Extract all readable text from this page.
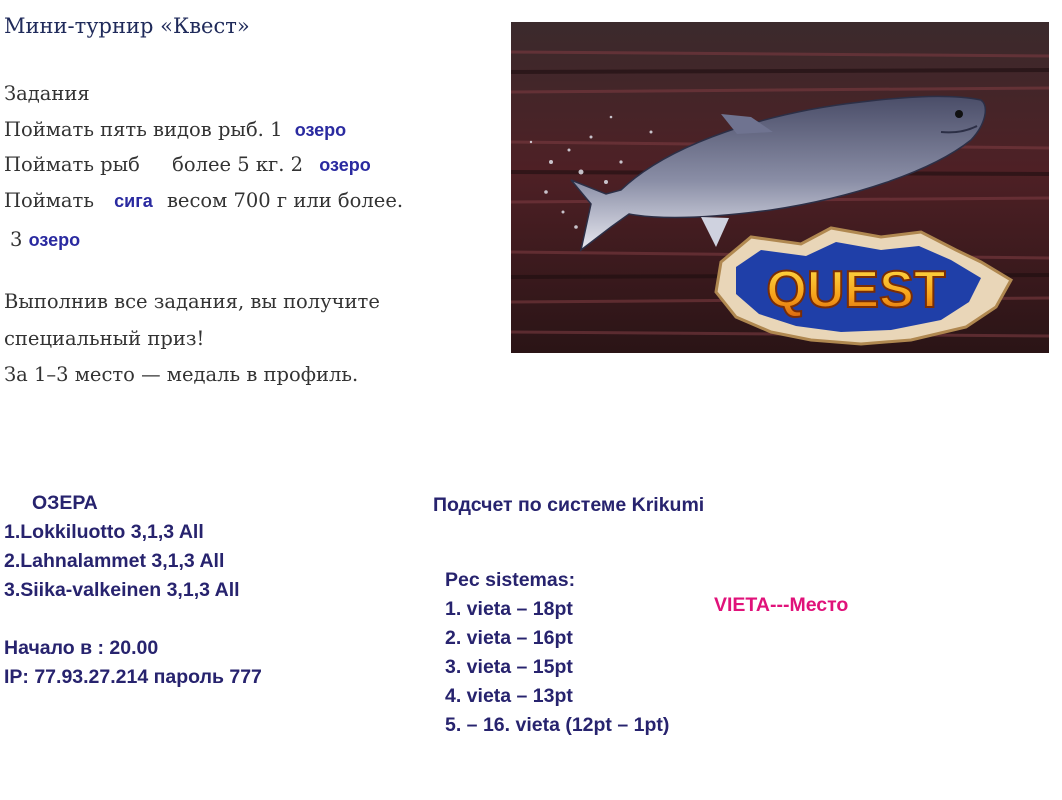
Мини-турнир «Квест»
Задания
Поймать пять видов рыб. 1 озеро
Поймать рыб более 5 кг. 2 озеро
Поймать сига весом 700 г или более.
3 озеро
Выполнив все задания, вы получите
специальный приз!
За 1–3 место — медаль в профиль.
QUEST
ОЗЕРА
1.Lokkiluotto 3,1,3 All
2.Lahnalammet 3,1,3 All
3.Siika-valkeinen 3,1,3 All
Начало в : 20.00
IP: 77.93.27.214 пароль 777
Подсчет по системе Krikumi
Pec sistemas:
1. vieta – 18pt
2. vieta – 16pt
3. vieta – 15pt
4. vieta – 13pt
5. – 16. vieta (12pt – 1pt)
VIETA---Место
